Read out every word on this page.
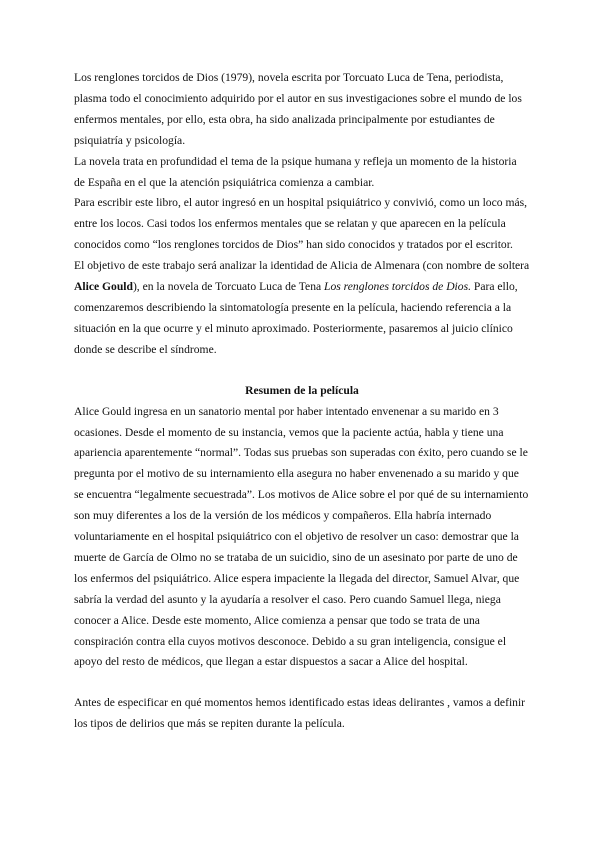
Los renglones torcidos de Dios (1979), novela escrita por Torcuato Luca de Tena, periodista, plasma todo el conocimiento adquirido por el autor en sus investigaciones sobre el mundo de los enfermos mentales, por ello, esta obra, ha sido analizada principalmente por estudiantes de psiquiatría y psicología.

La novela trata en profundidad el tema de la psique humana y refleja un momento de la historia de España en el que la atención psiquiátrica comienza a cambiar.

Para escribir este libro, el autor ingresó en un hospital psiquiátrico y convivió, como un loco más, entre los locos. Casi todos los enfermos mentales que se relatan y que aparecen en la película conocidos como “los renglones torcidos de Dios” han sido conocidos y tratados por el escritor.

El objetivo de este trabajo será analizar la identidad de Alicia de Almenara (con nombre de soltera Alice Gould), en la novela de Torcuato Luca de Tena Los renglones torcidos de Dios. Para ello, comenzaremos describiendo la sintomatología presente en la película, haciendo referencia a la situación en la que ocurre y el minuto aproximado. Posteriormente, pasaremos al juicio clínico donde se describe el síndrome.

Resumen de la película

Alice Gould ingresa en un sanatorio mental por haber intentado envenenar a su marido en 3 ocasiones. Desde el momento de su instancia, vemos que la paciente actúa, habla y tiene una apariencia aparentemente “normal”. Todas sus pruebas son superadas con éxito, pero cuando se le pregunta por el motivo de su internamiento ella asegura no haber envenenado a su marido y que se encuentra “legalmente secuestrada”. Los motivos de Alice sobre el por qué de su internamiento son muy diferentes a los de la versión de los médicos y compañeros. Ella habría internado voluntariamente en el hospital psiquiátrico con el objetivo de resolver un caso: demostrar que la muerte de García de Olmo no se trataba de un suicidio, sino de un asesinato por parte de uno de los enfermos del psiquiátrico. Alice espera impaciente la llegada del director, Samuel Alvar, que sabría la verdad del asunto y la ayudaría a resolver el caso. Pero cuando Samuel llega, niega conocer a Alice. Desde este momento, Alice comienza a pensar que todo se trata de una conspiración contra ella cuyos motivos desconoce. Debido a su gran inteligencia, consigue el apoyo del resto de médicos, que llegan a estar dispuestos a sacar a Alice del hospital.

Antes de especificar en qué momentos hemos identificado estas ideas delirantes , vamos a definir los tipos de delirios que más se repiten durante la película.
